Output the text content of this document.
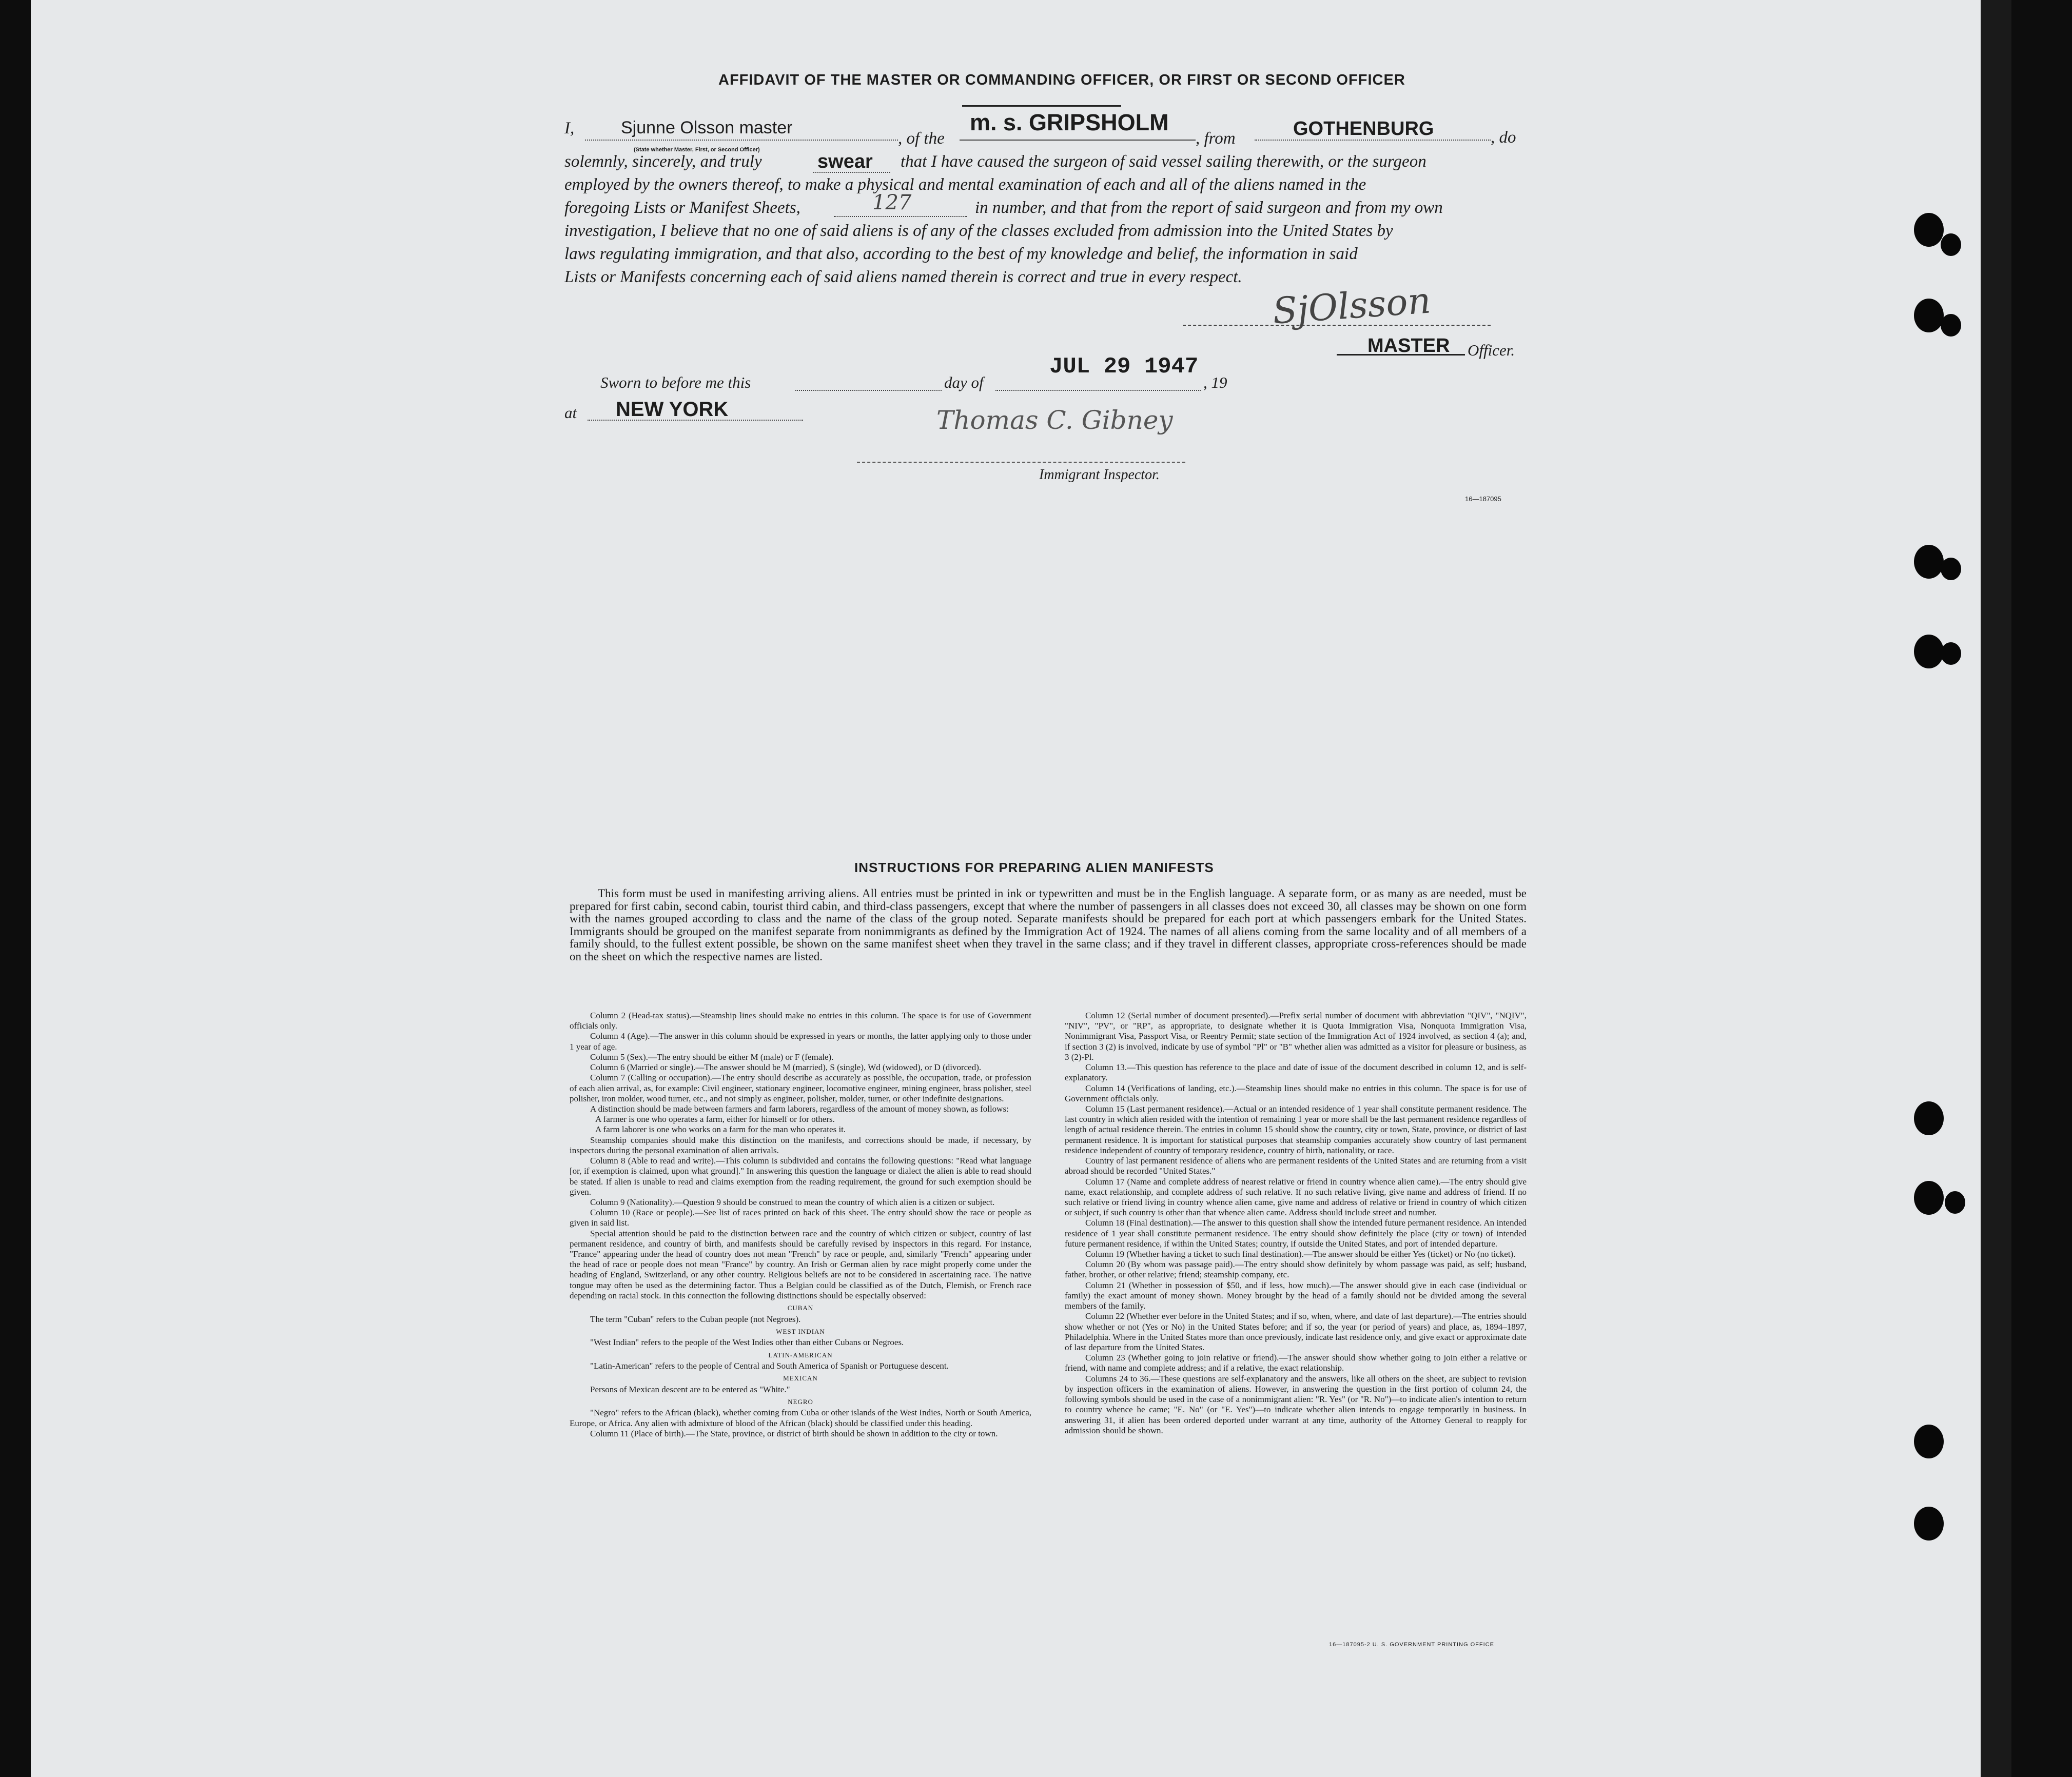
AFFIDAVIT OF THE MASTER OR COMMANDING OFFICER, OR FIRST OR SECOND OFFICER
I,	Sjunne Olsson master
(State whether Master, First, or Second Officer)
, of the
m. s. GRIPSHOLM
, from	GOTHENBURG	, do
solemnly, sincerely, and truly	swear that I have caused the surgeon of said vessel sailing therewith, or the surgeon
employed by the owners thereof, to make a physical and mental examination of each and all of the aliens named in the
foregoing Lists or Manifest Sheets,	127	in number, and that from the report of said surgeon and from my own
investigation, I believe that no one of said aliens is of any of the classes excluded from admission into the United States by
laws regulating immigration, and that also, according to the best of my knowledge and belief, the information in said
Lists or Manifests concerning each of said aliens named therein is correct and true in every respect.
SjOlsson
MASTER Officer.
Sworn to before me this	day of
JUL 29 1947
, 19
at NEW YORK	Thomas C. Gibney
Immigrant Inspector.
16—187095
INSTRUCTIONS FOR PREPARING ALIEN MANIFESTS
This form must be used in manifesting arriving aliens. All entries must be printed in ink or typewritten and must be in the English language. A separate form, or as many as are needed, must be prepared for first cabin, second cabin, tourist third cabin, and third-class passengers, except that where the number of passengers in all classes does not exceed 30, all classes may be shown on one form with the names grouped according to class and the name of the class of the group noted. Separate manifests should be prepared for each port at which passengers embark for the United States. Immigrants should be grouped on the manifest separate from nonimmigrants as defined by the Immigration Act of 1924. The names of all aliens coming from the same locality and of all members of a family should, to the fullest extent possible, be shown on the same manifest sheet when they travel in the same class; and if they travel in different classes, appropriate cross-references should be made on the sheet on which the respective names are listed.

Column 2 (Head-tax status).—Steamship lines should make no entries in this column. The space is for use of Government officials only.

Column 4 (Age).—The answer in this column should be expressed in years or months, the latter applying only to those under 1 year of age.

Column 5 (Sex).—The entry should be either M (male) or F (female).

Column 6 (Married or single).—The answer should be M (married), S (single), Wd (widowed), or D (divorced).

Column 7 (Calling or occupation).—The entry should describe as accurately as possible, the occupation, trade, or profession of each alien arrival, as, for example: Civil engineer, stationary engineer, locomotive engineer, mining engineer, brass polisher, steel polisher, iron molder, wood turner, etc., and not simply as engineer, polisher, molder, turner, or other indefinite designations.

A distinction should be made between farmers and farm laborers, regardless of the amount of money shown, as follows:

A farmer is one who operates a farm, either for himself or for others.

A farm laborer is one who works on a farm for the man who operates it.

Steamship companies should make this distinction on the manifests, and corrections should be made, if necessary, by inspectors during the personal examination of alien arrivals.

Column 8 (Able to read and write).—This column is subdivided and contains the following questions: "Read what language [or, if exemption is claimed, upon what ground]." In answering this question the language or dialect the alien is able to read should be stated. If alien is unable to read and claims exemption from the reading requirement, the ground for such exemption should be given.

Column 9 (Nationality).—Question 9 should be construed to mean the country of which alien is a citizen or subject.

Column 10 (Race or people).—See list of races printed on back of this sheet. The entry should show the race or people as given in said list.

Special attention should be paid to the distinction between race and the country of which citizen or subject, country of last permanent residence, and country of birth, and manifests should be carefully revised by inspectors in this regard. For instance, "France" appearing under the head of country does not mean "French" by race or people, and, similarly "French" appearing under the head of race or people does not mean "France" by country. An Irish or German alien by race might properly come under the heading of England, Switzerland, or any other country. Religious beliefs are not to be considered in ascertaining race. The native tongue may often be used as the determining factor. Thus a Belgian could be classified as of the Dutch, Flemish, or French race depending on racial stock. In this connection the following distinctions should be especially observed:

CUBAN

The term "Cuban" refers to the Cuban people (not Negroes).

WEST INDIAN

"West Indian" refers to the people of the West Indies other than either Cubans or Negroes.

LATIN-AMERICAN

"Latin-American" refers to the people of Central and South America of Spanish or Portuguese descent.

MEXICAN

Persons of Mexican descent are to be entered as "White."

NEGRO

"Negro" refers to the African (black), whether coming from Cuba or other islands of the West Indies, North or South America, Europe, or Africa. Any alien with admixture of blood of the African (black) should be classified under this heading.

Column 11 (Place of birth).—The State, province, or district of birth should be shown in addition to the city or town.

Column 12 (Serial number of document presented).—Prefix serial number of document with abbreviation "QIV", "NQIV", "NIV", "PV", or "RP", as appropriate, to designate whether it is Quota Immigration Visa, Nonquota Immigration Visa, Nonimmigrant Visa, Passport Visa, or Reentry Permit; state section of the Immigration Act of 1924 involved, as section 4 (a); and, if section 3 (2) is involved, indicate by use of symbol "Pl" or "B" whether alien was admitted as a visitor for pleasure or business, as 3 (2)-Pl.

Column 13.—This question has reference to the place and date of issue of the document described in column 12, and is self-explanatory.

Column 14 (Verifications of landing, etc.).—Steamship lines should make no entries in this column. The space is for use of Government officials only.

Column 15 (Last permanent residence).—Actual or an intended residence of 1 year shall constitute permanent residence. The last country in which alien resided with the intention of remaining 1 year or more shall be the last permanent residence regardless of length of actual residence therein. The entries in column 15 should show the country, city or town, State, province, or district of last permanent residence. It is important for statistical purposes that steamship companies accurately show country of last permanent residence independent of country of temporary residence, country of birth, nationality, or race.

Country of last permanent residence of aliens who are permanent residents of the United States and are returning from a visit abroad should be recorded "United States."

Column 17 (Name and complete address of nearest relative or friend in country whence alien came).—The entry should give name, exact relationship, and complete address of such relative. If no such relative living, give name and address of friend. If no such relative or friend living in country whence alien came, give name and address of relative or friend in country of which citizen or subject, if such country is other than that whence alien came. Address should include street and number.

Column 18 (Final destination).—The answer to this question shall show the intended future permanent residence. An intended residence of 1 year shall constitute permanent residence. The entry should show definitely the place (city or town) of intended future permanent residence, if within the United States; country, if outside the United States, and port of intended departure.

Column 19 (Whether having a ticket to such final destination).—The answer should be either Yes (ticket) or No (no ticket).

Column 20 (By whom was passage paid).—The entry should show definitely by whom passage was paid, as self; husband, father, brother, or other relative; friend; steamship company, etc.

Column 21 (Whether in possession of $50, and if less, how much).—The answer should give in each case (individual or family) the exact amount of money shown. Money brought by the head of a family should not be divided among the several members of the family.

Column 22 (Whether ever before in the United States; and if so, when, where, and date of last departure).—The entries should show whether or not (Yes or No) in the United States before; and if so, the year (or period of years) and place, as, 1894–1897, Philadelphia. Where in the United States more than once previously, indicate last residence only, and give exact or approximate date of last departure from the United States.

Column 23 (Whether going to join relative or friend).—The answer should show whether going to join either a relative or friend, with name and complete address; and if a relative, the exact relationship.

Columns 24 to 36.—These questions are self-explanatory and the answers, like all others on the sheet, are subject to revision by inspection officers in the examination of aliens. However, in answering the question in the first portion of column 24, the following symbols should be used in the case of a nonimmigrant alien: "R. Yes" (or "R. No")—to indicate alien's intention to return to country whence he came; "E. No" (or "E. Yes")—to indicate whether alien intends to engage temporarily in business. In answering 31, if alien has been ordered deported under warrant at any time, authority of the Attorney General to reapply for admission should be shown.

16—187095-2 U. S. GOVERNMENT PRINTING OFFICE
